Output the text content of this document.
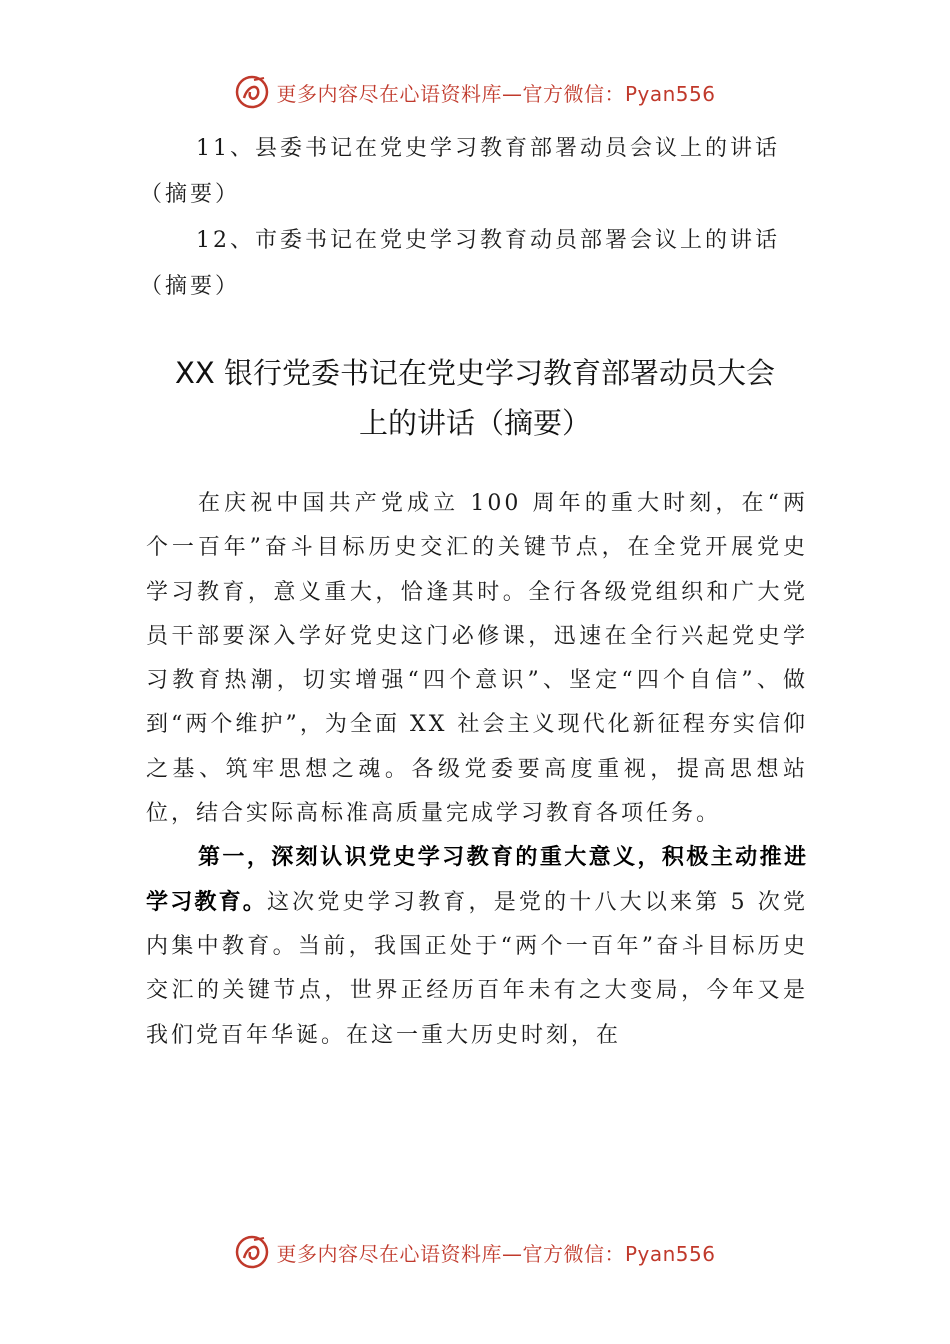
更多内容尽在心语资料库—官方微信：Pyan556

11、县委书记在党史学习教育部署动员会议上的讲话

（摘要）

12、市委书记在党史学习教育动员部署会议上的讲话

（摘要）

XX 银行党委书记在党史学习教育部署动员大会
上的讲话（摘要）

在庆祝中国共产党成立 100 周年的重大时刻，在“两个一百年”奋斗目标历史交汇的关键节点，在全党开展党史学习教育，意义重大，恰逢其时。全行各级党组织和广大党员干部要深入学好党史这门必修课，迅速在全行兴起党史学习教育热潮，切实增强“四个意识”、坚定“四个自信”、做到“两个维护”，为全面 XX 社会主义现代化新征程夯实信仰之基、筑牢思想之魂。各级党委要高度重视，提高思想站位，结合实际高标准高质量完成学习教育各项任务。

第一，深刻认识党史学习教育的重大意义，积极主动推进学习教育。这次党史学习教育，是党的十八大以来第 5 次党内集中教育。当前，我国正处于“两个一百年”奋斗目标历史交汇的关键节点，世界正经历百年未有之大变局，今年又是我们党百年华诞。在这一重大历史时刻，在

更多内容尽在心语资料库—官方微信：Pyan556
